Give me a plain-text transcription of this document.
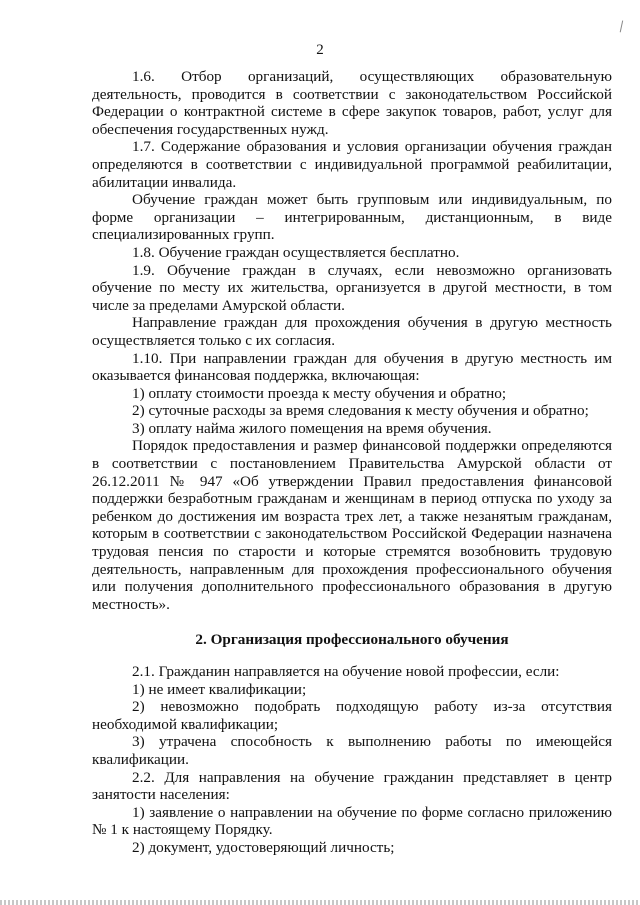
2

1.6. Отбор организаций, осуществляющих образовательную деятельность, проводится в соответствии с законодательством Российской Федерации о контрактной системе в сфере закупок товаров, работ, услуг для обеспечения государственных нужд.

1.7. Содержание образования и условия организации обучения граждан определяются в соответствии с индивидуальной программой реабилитации, абилитации инвалида.

Обучение граждан может быть групповым или индивидуальным, по форме организации – интегрированным, дистанционным, в виде специализированных групп.

1.8. Обучение граждан осуществляется бесплатно.

1.9. Обучение граждан в случаях, если невозможно организовать обучение по месту их жительства, организуется в другой местности, в том числе за пределами Амурской области.

Направление граждан для прохождения обучения в другую местность осуществляется только с их согласия.

1.10. При направлении граждан для обучения в другую местность им оказывается финансовая поддержка, включающая:

1) оплату стоимости проезда к месту обучения и обратно;

2) суточные расходы за время следования к месту обучения и обратно;

3) оплату найма жилого помещения на время обучения.

Порядок предоставления и размер финансовой поддержки определяются в соответствии с постановлением Правительства Амурской области от 26.12.2011 № 947 «Об утверждении Правил предоставления финансовой поддержки безработным гражданам и женщинам в период отпуска по уходу за ребенком до достижения им возраста трех лет, а также незанятым гражданам, которым в соответствии с законодательством Российской Федерации назначена трудовая пенсия по старости и которые стремятся возобновить трудовую деятельность, направленным для прохождения профессионального обучения или получения дополнительного профессионального образования в другую местность».

2. Организация профессионального обучения

2.1. Гражданин направляется на обучение новой профессии, если:

1) не имеет квалификации;

2) невозможно подобрать подходящую работу из-за отсутствия необходимой квалификации;

3) утрачена способность к выполнению работы по имеющейся квалификации.

2.2. Для направления на обучение гражданин представляет в центр занятости населения:

1) заявление о направлении на обучение по форме согласно приложению № 1 к настоящему Порядку.

2) документ, удостоверяющий личность;
